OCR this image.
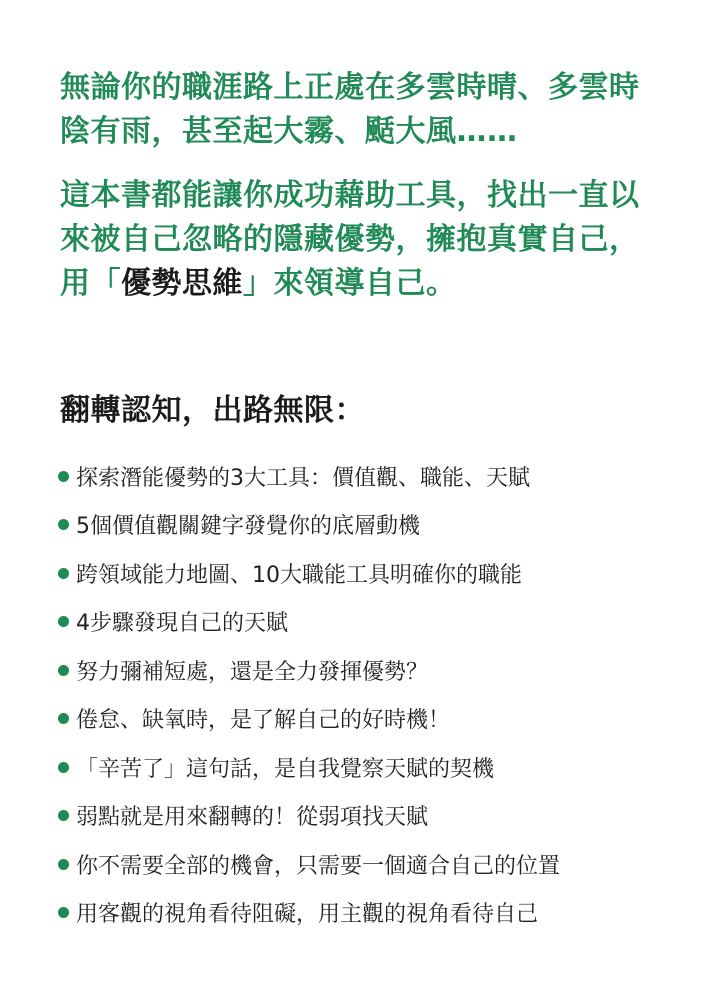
無論你的職涯路上正處在多雲時晴、多雲時陰有雨，甚至起大霧、颳大風……

這本書都能讓你成功藉助工具，找出一直以來被自己忽略的隱藏優勢，擁抱真實自己，用「優勢思維」來領導自己。

翻轉認知，出路無限：
探索潛能優勢的3大工具：價值觀、職能、天賦
5個價值觀關鍵字發覺你的底層動機
跨領域能力地圖、10大職能工具明確你的職能
4步驟發現自己的天賦
努力彌補短處，還是全力發揮優勢？
倦怠、缺氧時，是了解自己的好時機！
「辛苦了」這句話，是自我覺察天賦的契機
弱點就是用來翻轉的！從弱項找天賦
你不需要全部的機會，只需要一個適合自己的位置
用客觀的視角看待阻礙，用主觀的視角看待自己
